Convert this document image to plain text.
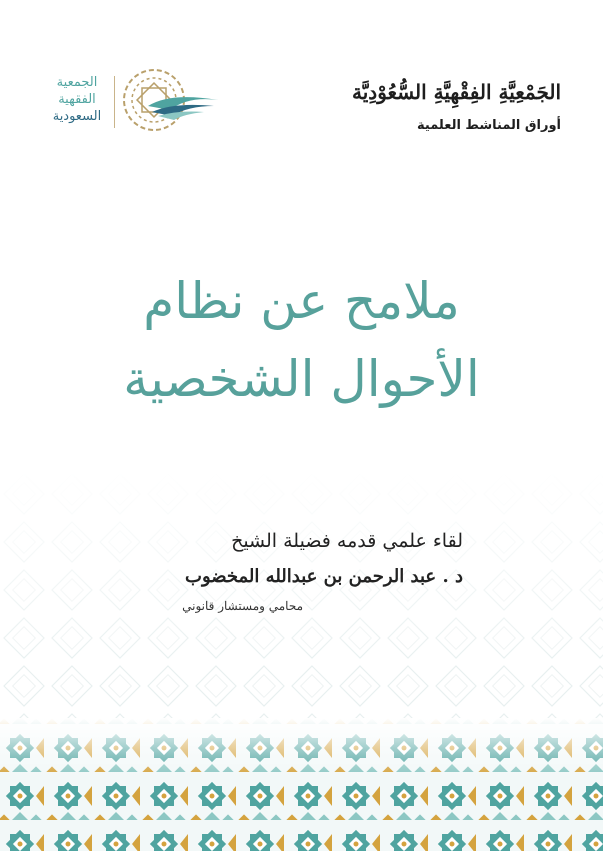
الجَمْعِيَّةِ الفِقْهِيَّةِ السُّعُوْدِيَّة
أوراق المناشط العلمية
الجمعية
الفقهية
السعودية
ملامح عن نظام
الأحوال الشخصية
لقاء علمي قدمه فضيلة الشيخ
د . عبد الرحمن بن عبدالله المخضوب
محامي ومستشار قانوني
